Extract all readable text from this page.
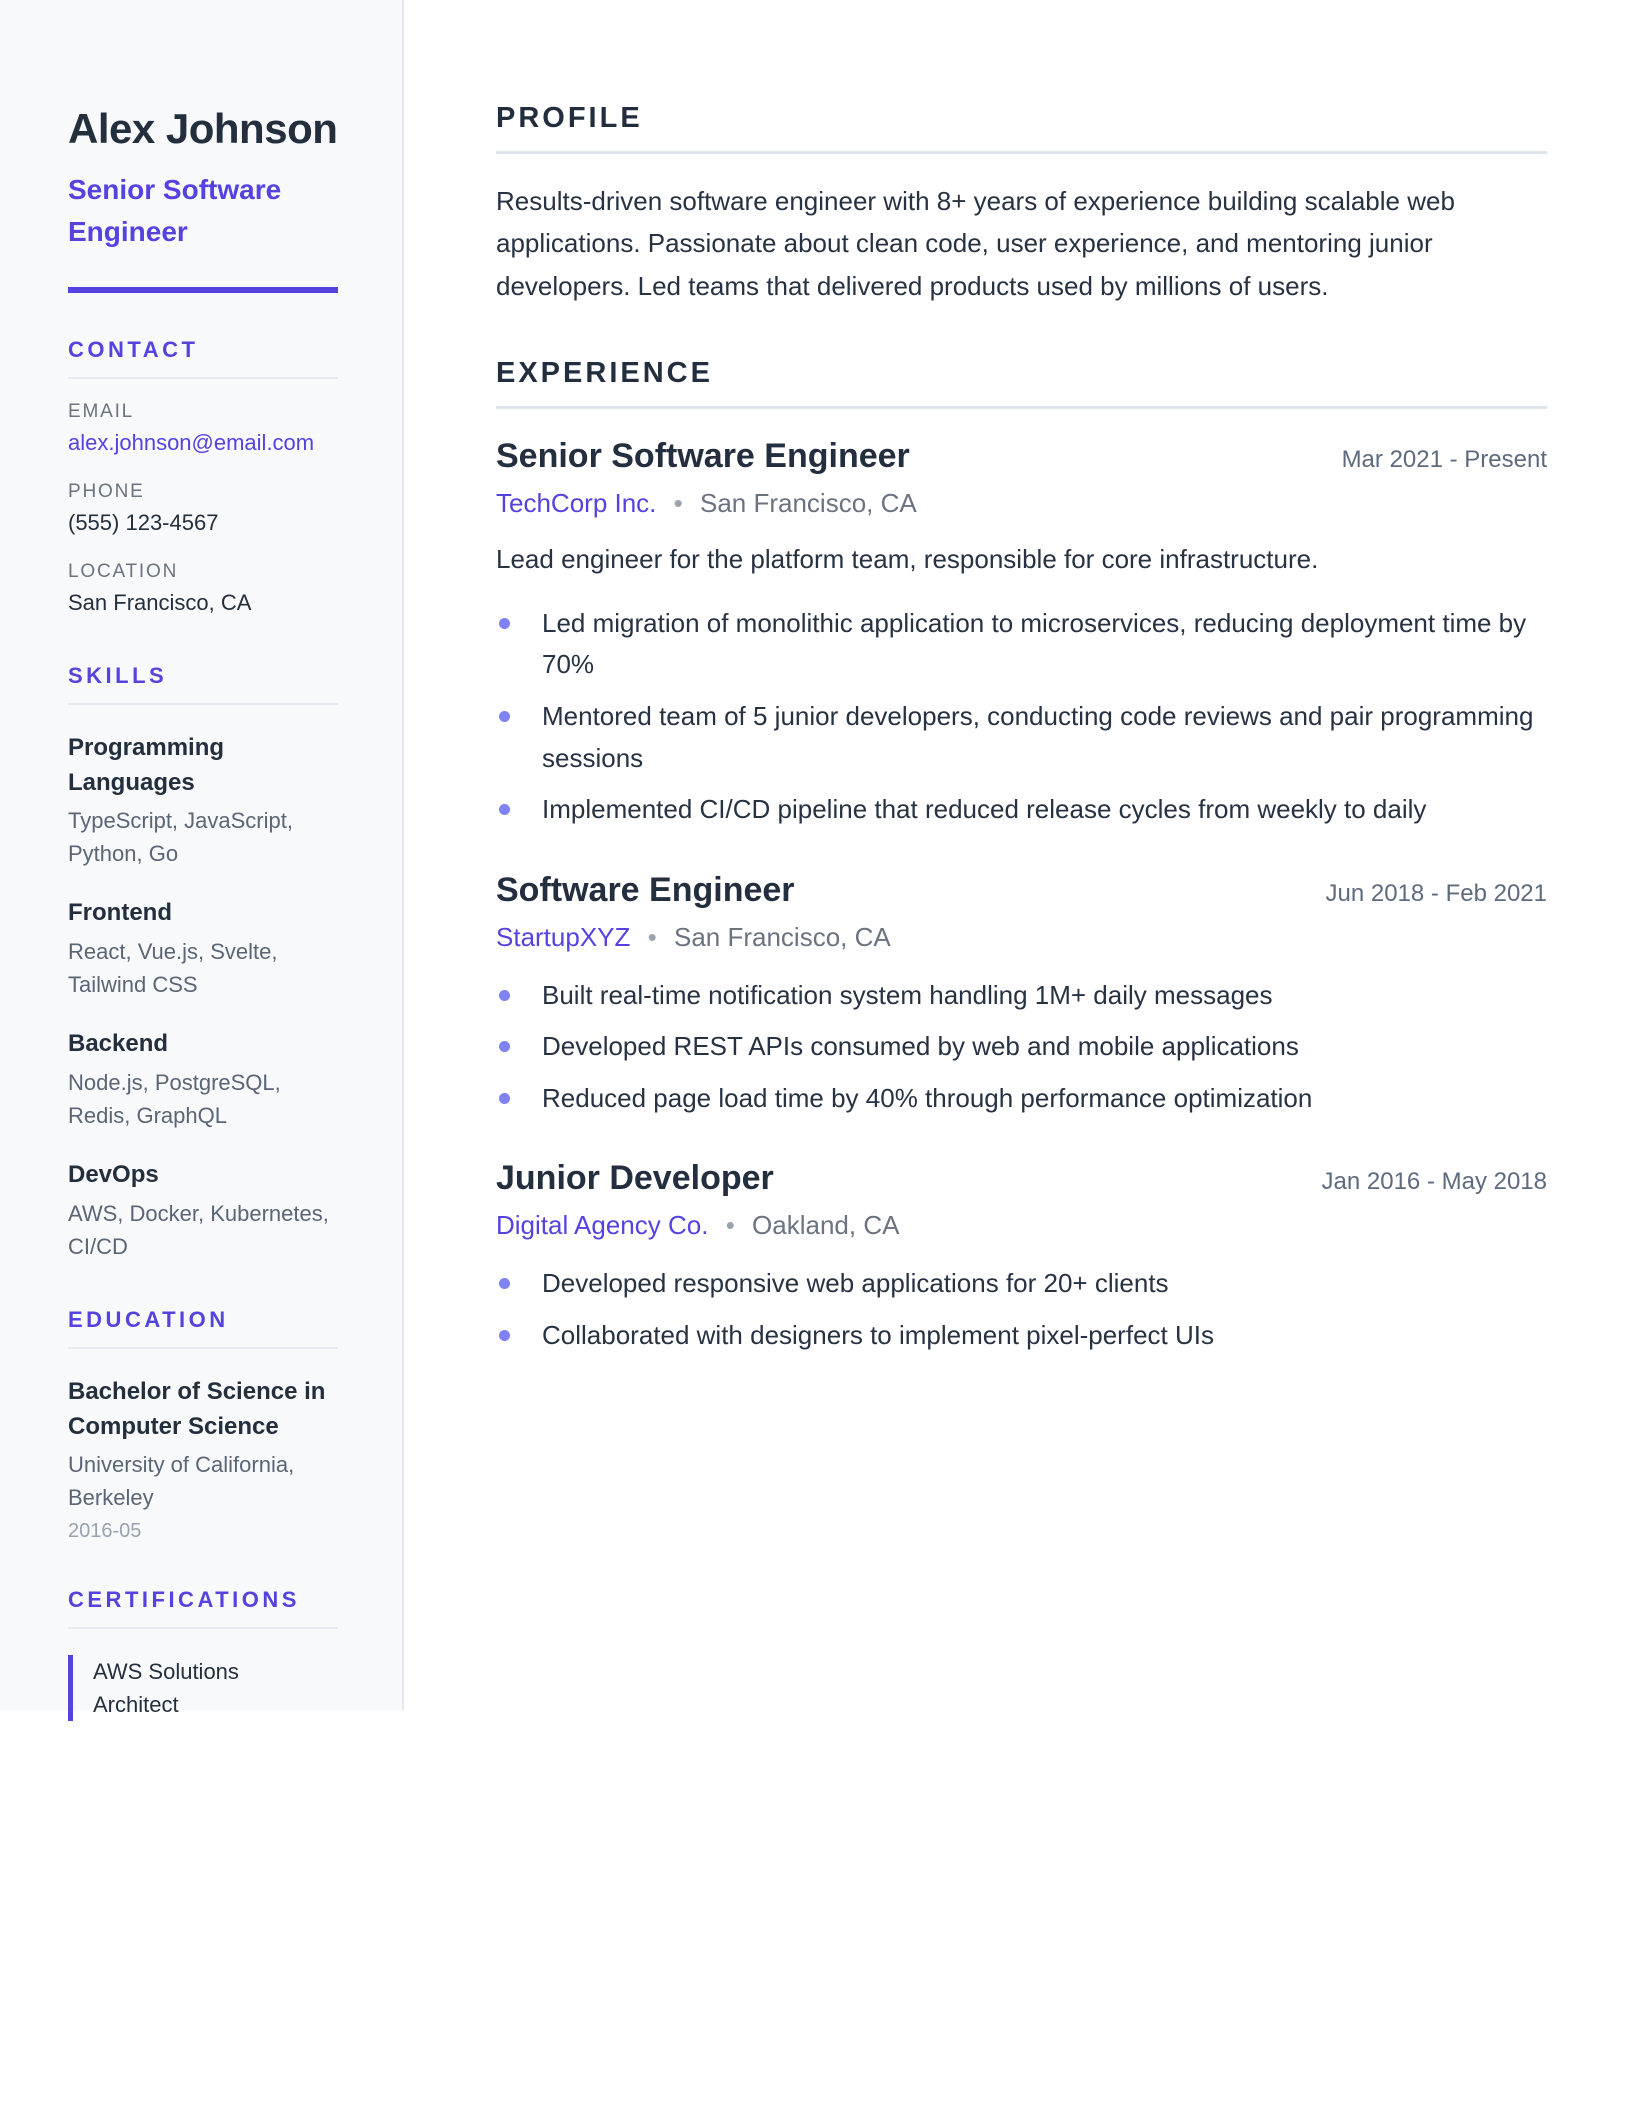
Alex Johnson
Senior Software Engineer
CONTACT
EMAIL
alex.johnson@email.com
PHONE
(555) 123-4567
LOCATION
San Francisco, CA
SKILLS
Programming Languages
TypeScript, JavaScript, Python, Go
Frontend
React, Vue.js, Svelte, Tailwind CSS
Backend
Node.js, PostgreSQL, Redis, GraphQL
DevOps
AWS, Docker, Kubernetes, CI/CD
EDUCATION
Bachelor of Science in Computer Science
University of California, Berkeley
2016-05
CERTIFICATIONS
AWS Solutions Architect
PROFILE

Results-driven software engineer with 8+ years of experience building scalable web applications. Passionate about clean code, user experience, and mentoring junior developers. Led teams that delivered products used by millions of users.

EXPERIENCE
Senior Software Engineer	Mar 2021 - Present
TechCorp Inc. • San Francisco, CA

Lead engineer for the platform team, responsible for core infrastructure.

Led migration of monolithic application to microservices, reducing deployment time by 70%
Mentored team of 5 junior developers, conducting code reviews and pair programming sessions
Implemented CI/CD pipeline that reduced release cycles from weekly to daily
Software Engineer	Jun 2018 - Feb 2021
StartupXYZ • San Francisco, CA
Built real-time notification system handling 1M+ daily messages
Developed REST APIs consumed by web and mobile applications
Reduced page load time by 40% through performance optimization
Junior Developer	Jan 2016 - May 2018
Digital Agency Co. • Oakland, CA
Developed responsive web applications for 20+ clients
Collaborated with designers to implement pixel-perfect UIs
